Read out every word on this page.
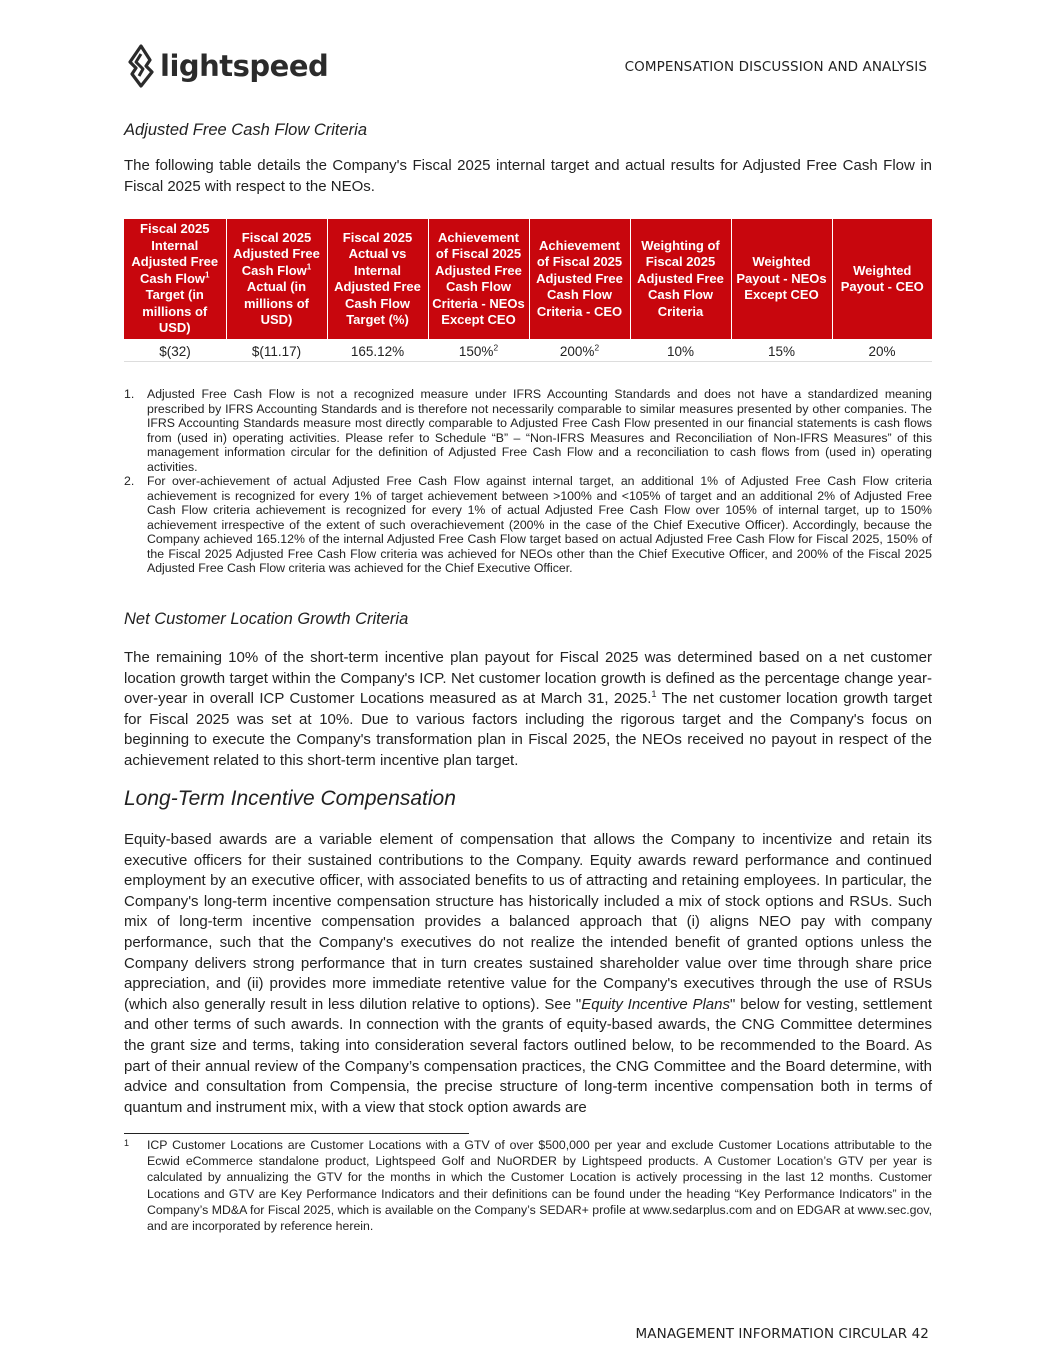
lightspeed	COMPENSATION DISCUSSION AND ANALYSIS
Adjusted Free Cash Flow Criteria
The following table details the Company's Fiscal 2025 internal target and actual results for Adjusted Free Cash Flow in Fiscal 2025 with respect to the NEOs.
Fiscal 2025 Internal Adjusted Free Cash Flow$^1$ Target (in millions of USD)	Fiscal 2025 Adjusted Free Cash Flow$^1$ Actual (in millions of USD)	Fiscal 2025 Actual vs Internal Adjusted Free Cash Flow Target (%)	Achievement of Fiscal 2025 Adjusted Free Cash Flow Criteria - NEOs Except CEO	Achievement of Fiscal 2025 Adjusted Free Cash Flow Criteria - CEO	Weighting of Fiscal 2025 Adjusted Free Cash Flow Criteria	Weighted Payout - NEOs Except CEO	Weighted Payout - CEO
$(32)	$(11.17)	165.12%	150%$^2$	200%$^2$	10%	15%	20%
1.	Adjusted Free Cash Flow is not a recognized measure under IFRS Accounting Standards and does not have a standardized meaning prescribed by IFRS Accounting Standards and is therefore not necessarily comparable to similar measures presented by other companies. The IFRS Accounting Standards measure most directly comparable to Adjusted Free Cash Flow presented in our financial statements is cash flows from (used in) operating activities. Please refer to Schedule “B” – “Non-IFRS Measures and Reconciliation of Non-IFRS Measures” of this management information circular for the definition of Adjusted Free Cash Flow and a reconciliation to cash flows from (used in) operating activities.
2.	For over-achievement of actual Adjusted Free Cash Flow against internal target, an additional 1% of Adjusted Free Cash Flow criteria achievement is recognized for every 1% of target achievement between >100% and <105% of target and an additional 2% of Adjusted Free Cash Flow criteria achievement is recognized for every 1% of actual Adjusted Free Cash Flow over 105% of internal target, up to 150% achievement irrespective of the extent of such overachievement (200% in the case of the Chief Executive Officer). Accordingly, because the Company achieved 165.12% of the internal Adjusted Free Cash Flow target based on actual Adjusted Free Cash Flow for Fiscal 2025, 150% of the Fiscal 2025 Adjusted Free Cash Flow criteria was achieved for NEOs other than the Chief Executive Officer, and 200% of the Fiscal 2025 Adjusted Free Cash Flow criteria was achieved for the Chief Executive Officer.
Net Customer Location Growth Criteria
The remaining 10% of the short-term incentive plan payout for Fiscal 2025 was determined based on a net customer location growth target within the Company's ICP. Net customer location growth is defined as the percentage change year-over-year in overall ICP Customer Locations measured as at March 31, 2025.$^1$ The net customer location growth target for Fiscal 2025 was set at 10%. Due to various factors including the rigorous target and the Company's focus on beginning to execute the Company's transformation plan in Fiscal 2025, the NEOs received no payout in respect of the achievement related to this short-term incentive plan target.
Long-Term Incentive Compensation
Equity-based awards are a variable element of compensation that allows the Company to incentivize and retain its executive officers for their sustained contributions to the Company. Equity awards reward performance and continued employment by an executive officer, with associated benefits to us of attracting and retaining employees. In particular, the Company's long-term incentive compensation structure has historically included a mix of stock options and RSUs. Such mix of long-term incentive compensation provides a balanced approach that (i) aligns NEO pay with company performance, such that the Company's executives do not realize the intended benefit of granted options unless the Company delivers strong performance that in turn creates sustained shareholder value over time through share price appreciation, and (ii) provides more immediate retentive value for the Company's executives through the use of RSUs (which also generally result in less dilution relative to options). See "Equity Incentive Plans" below for vesting, settlement and other terms of such awards. In connection with the grants of equity-based awards, the CNG Committee determines the grant size and terms, taking into consideration several factors outlined below, to be recommended to the Board. As part of their annual review of the Company’s compensation practices, the CNG Committee and the Board determine, with advice and consultation from Compensia, the precise structure of long-term incentive compensation both in terms of quantum and instrument mix, with a view that stock option awards are
1	ICP Customer Locations are Customer Locations with a GTV of over $500,000 per year and exclude Customer Locations attributable to the Ecwid eCommerce standalone product, Lightspeed Golf and NuORDER by Lightspeed products. A Customer Location’s GTV per year is calculated by annualizing the GTV for the months in which the Customer Location is actively processing in the last 12 months. Customer Locations and GTV are Key Performance Indicators and their definitions can be found under the heading “Key Performance Indicators” in the Company’s MD&A for Fiscal 2025, which is available on the Company’s SEDAR+ profile at www.sedarplus.com and on EDGAR at www.sec.gov, and are incorporated by reference herein.
MANAGEMENT INFORMATION CIRCULAR 42
